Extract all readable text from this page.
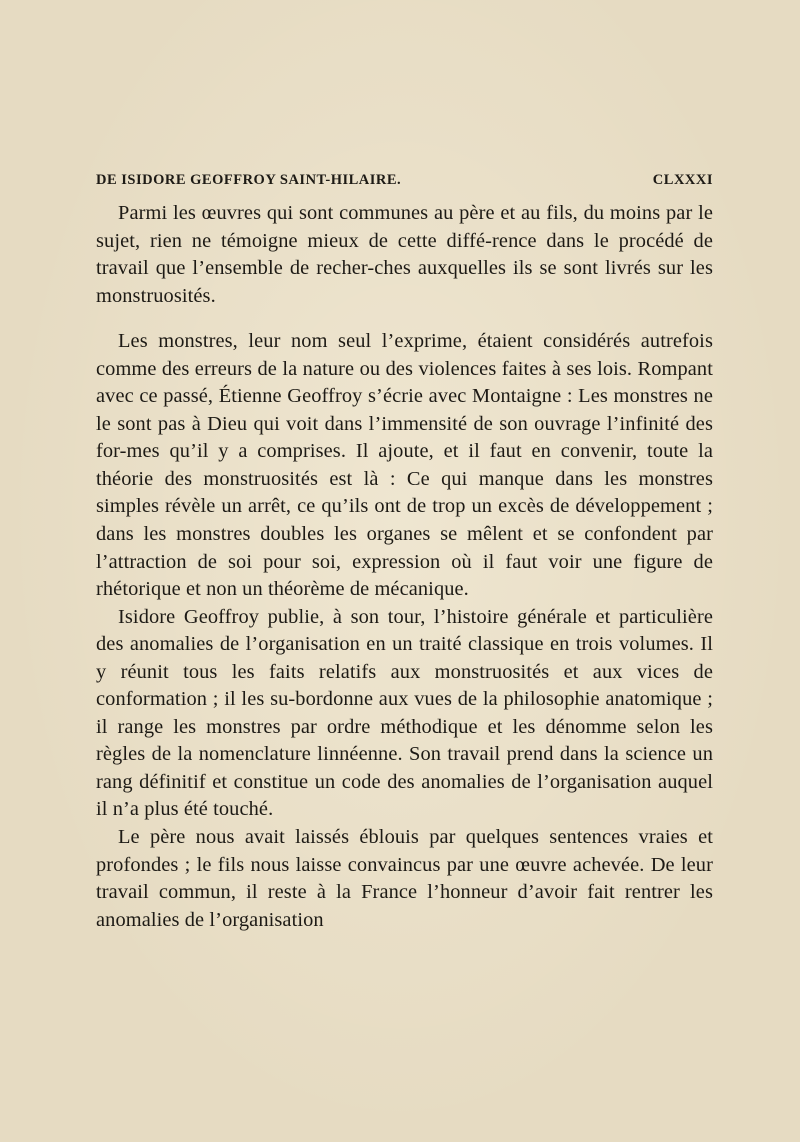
DE ISIDORE GEOFFROY SAINT-HILAIRE.	CLXXXI

Parmi les œuvres qui sont communes au père et au fils, du moins par le sujet, rien ne témoigne mieux de cette diffé-rence dans le procédé de travail que l’ensemble de recher-ches auxquelles ils se sont livrés sur les monstruosités.

Les monstres, leur nom seul l’exprime, étaient considérés autrefois comme des erreurs de la nature ou des violences faites à ses lois. Rompant avec ce passé, Étienne Geoffroy s’écrie avec Montaigne : Les monstres ne le sont pas à Dieu qui voit dans l’immensité de son ouvrage l’infinité des for-mes qu’il y a comprises. Il ajoute, et il faut en convenir, toute la théorie des monstruosités est là : Ce qui manque dans les monstres simples révèle un arrêt, ce qu’ils ont de trop un excès de développement ; dans les monstres doubles les organes se mêlent et se confondent par l’attraction de soi pour soi, expression où il faut voir une figure de rhétorique et non un théorème de mécanique.

Isidore Geoffroy publie, à son tour, l’histoire générale et particulière des anomalies de l’organisation en un traité classique en trois volumes. Il y réunit tous les faits relatifs aux monstruosités et aux vices de conformation ; il les su-bordonne aux vues de la philosophie anatomique ; il range les monstres par ordre méthodique et les dénomme selon les règles de la nomenclature linnéenne. Son travail prend dans la science un rang définitif et constitue un code des anomalies de l’organisation auquel il n’a plus été touché.

Le père nous avait laissés éblouis par quelques sentences vraies et profondes ; le fils nous laisse convaincus par une œuvre achevée. De leur travail commun, il reste à la France l’honneur d’avoir fait rentrer les anomalies de l’organisation
